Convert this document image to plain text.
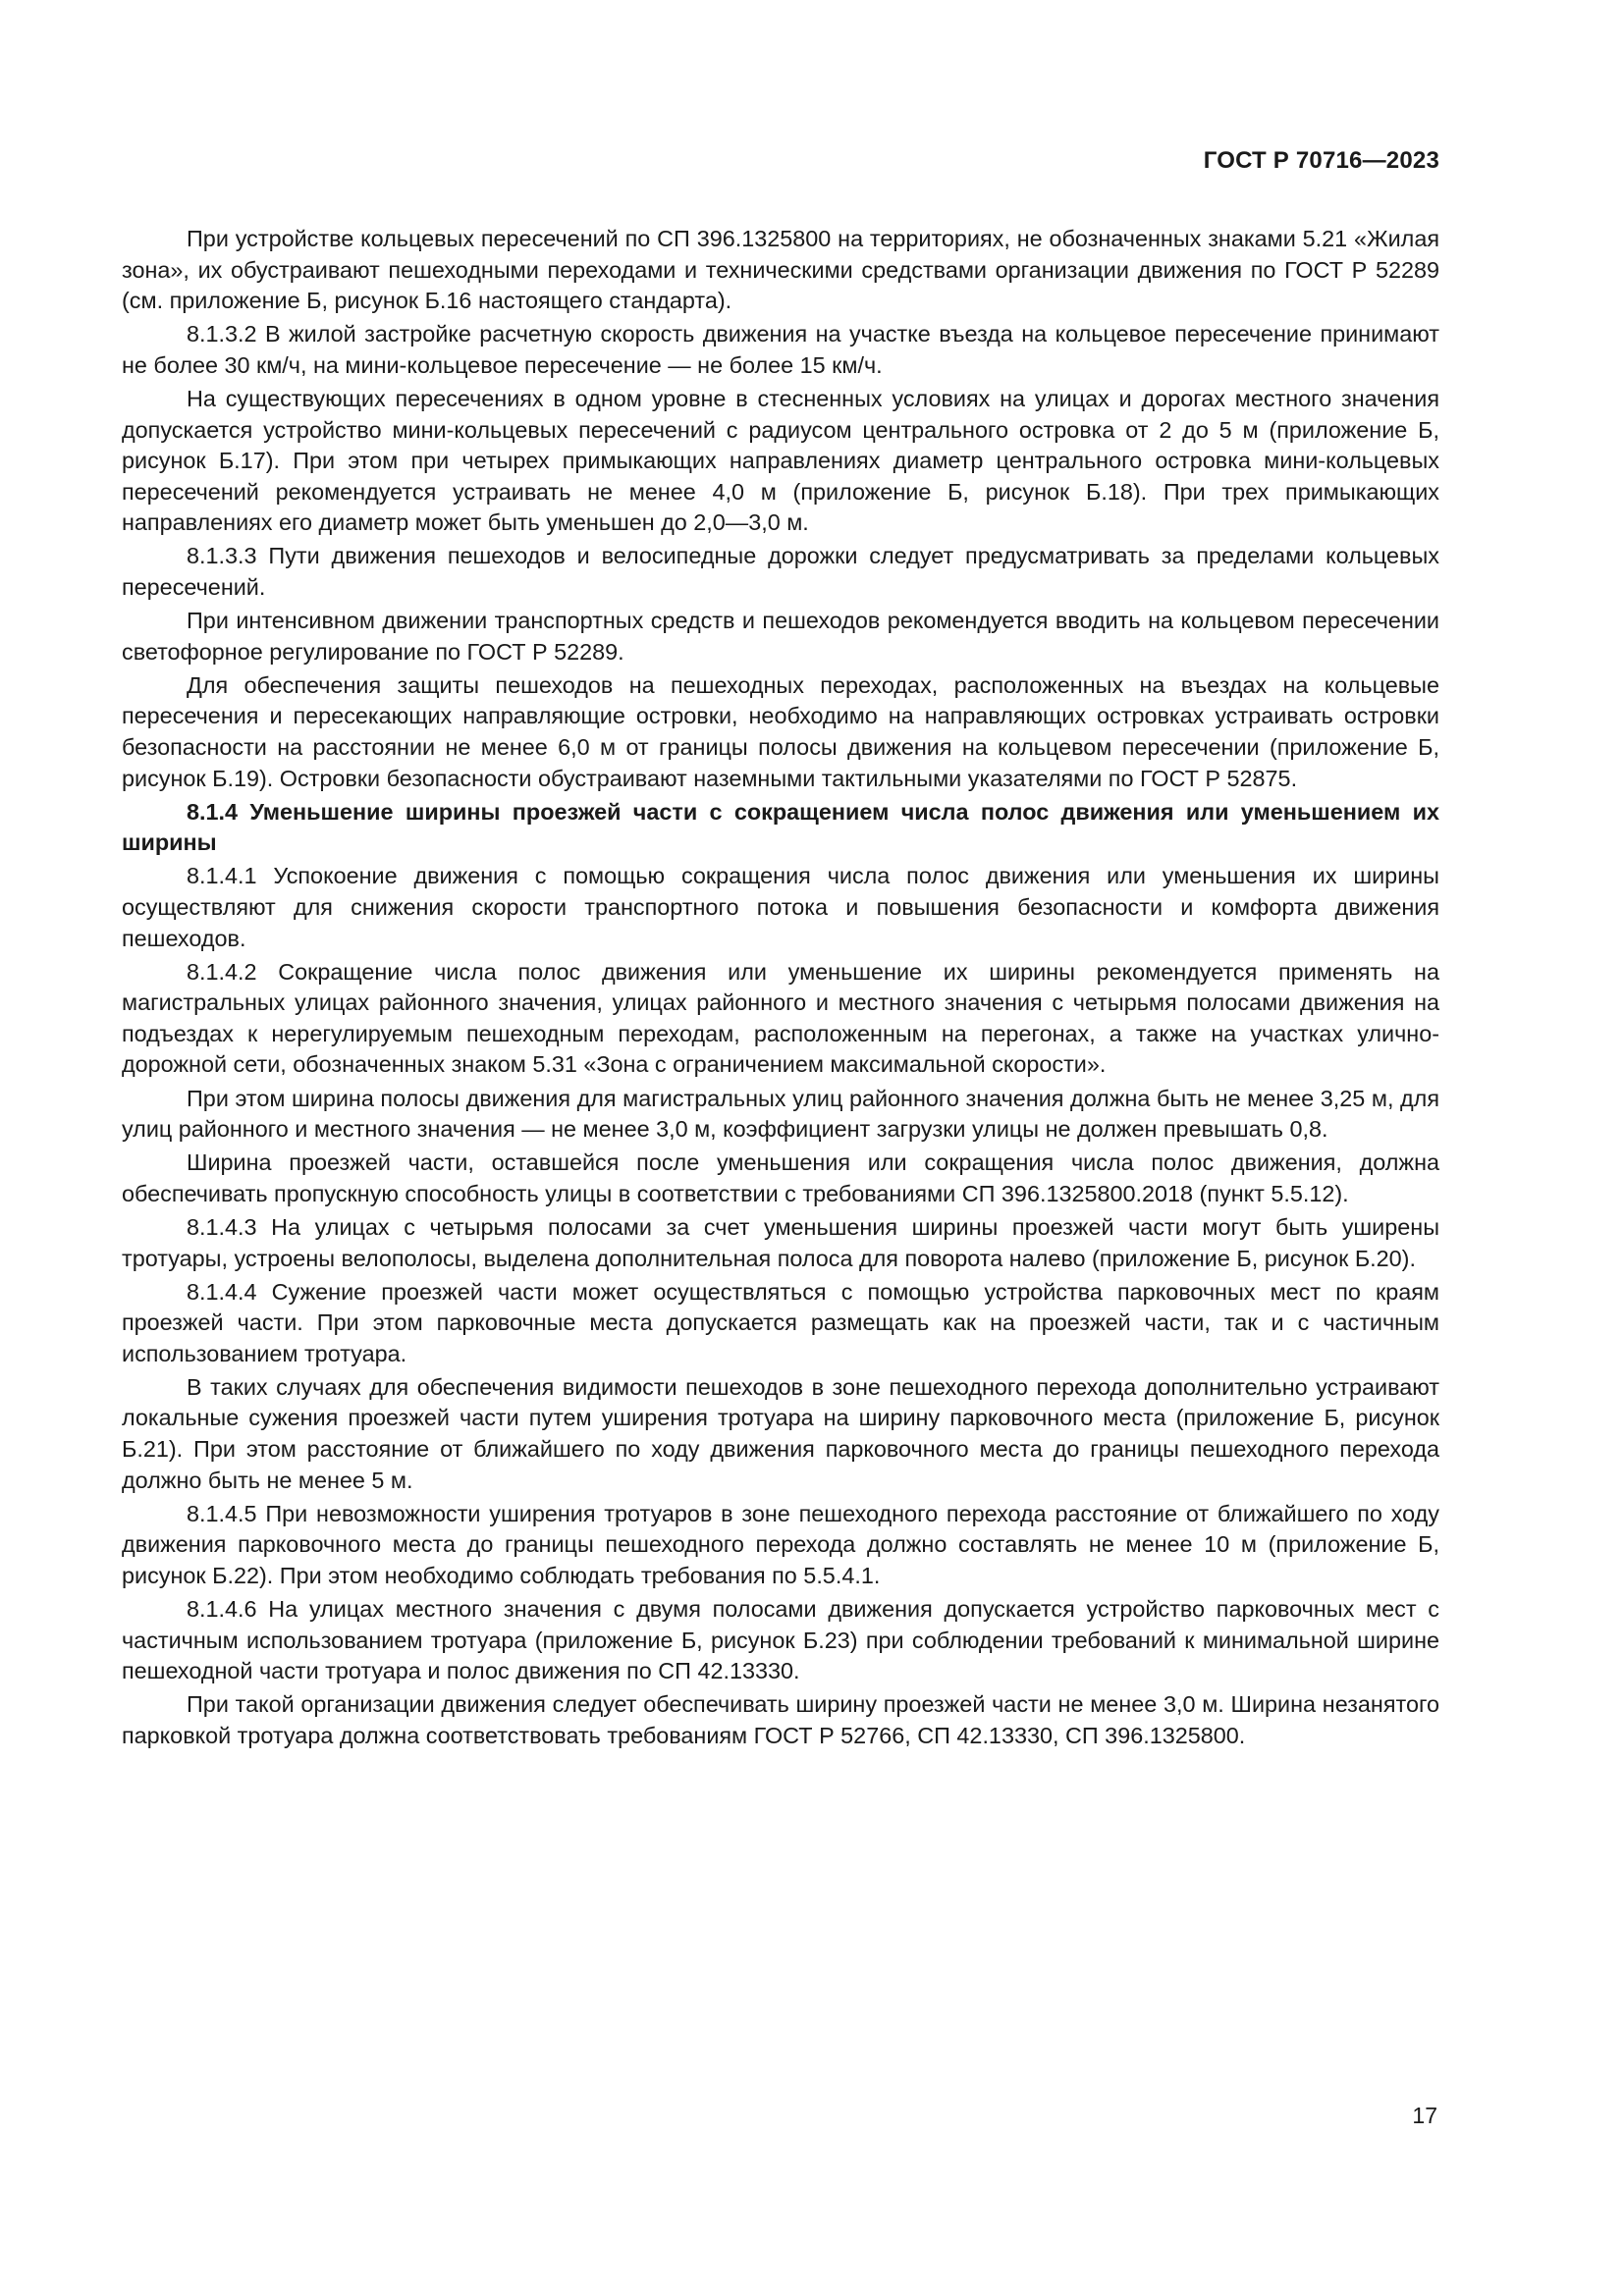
ГОСТ Р 70716—2023

При устройстве кольцевых пересечений по СП 396.1325800 на территориях, не обозначенных знаками 5.21 «Жилая зона», их обустраивают пешеходными переходами и техническими средствами организации движения по ГОСТ Р 52289 (см. приложение Б, рисунок Б.16 настоящего стандарта).

8.1.3.2 В жилой застройке расчетную скорость движения на участке въезда на кольцевое пересечение принимают не более 30 км/ч, на мини-кольцевое пересечение — не более 15 км/ч.

На существующих пересечениях в одном уровне в стесненных условиях на улицах и дорогах местного значения допускается устройство мини-кольцевых пересечений с радиусом центрального островка от 2 до 5 м (приложение Б, рисунок Б.17). При этом при четырех примыкающих направлениях диаметр центрального островка мини-кольцевых пересечений рекомендуется устраивать не менее 4,0 м (приложение Б, рисунок Б.18). При трех примыкающих направлениях его диаметр может быть уменьшен до 2,0—3,0 м.

8.1.3.3 Пути движения пешеходов и велосипедные дорожки следует предусматривать за пределами кольцевых пересечений.

При интенсивном движении транспортных средств и пешеходов рекомендуется вводить на кольцевом пересечении светофорное регулирование по ГОСТ Р 52289.

Для обеспечения защиты пешеходов на пешеходных переходах, расположенных на въездах на кольцевые пересечения и пересекающих направляющие островки, необходимо на направляющих островках устраивать островки безопасности на расстоянии не менее 6,0 м от границы полосы движения на кольцевом пересечении (приложение Б, рисунок Б.19). Островки безопасности обустраивают наземными тактильными указателями по ГОСТ Р 52875.

8.1.4 Уменьшение ширины проезжей части с сокращением числа полос движения или уменьшением их ширины

8.1.4.1 Успокоение движения с помощью сокращения числа полос движения или уменьшения их ширины осуществляют для снижения скорости транспортного потока и повышения безопасности и комфорта движения пешеходов.

8.1.4.2 Сокращение числа полос движения или уменьшение их ширины рекомендуется применять на магистральных улицах районного значения, улицах районного и местного значения с четырьмя полосами движения на подъездах к нерегулируемым пешеходным переходам, расположенным на перегонах, а также на участках улично-дорожной сети, обозначенных знаком 5.31 «Зона с ограничением максимальной скорости».

При этом ширина полосы движения для магистральных улиц районного значения должна быть не менее 3,25 м, для улиц районного и местного значения — не менее 3,0 м, коэффициент загрузки улицы не должен превышать 0,8.

Ширина проезжей части, оставшейся после уменьшения или сокращения числа полос движения, должна обеспечивать пропускную способность улицы в соответствии с требованиями СП 396.1325800.2018 (пункт 5.5.12).

8.1.4.3 На улицах с четырьмя полосами за счет уменьшения ширины проезжей части могут быть уширены тротуары, устроены велополосы, выделена дополнительная полоса для поворота налево (приложение Б, рисунок Б.20).

8.1.4.4 Сужение проезжей части может осуществляться с помощью устройства парковочных мест по краям проезжей части. При этом парковочные места допускается размещать как на проезжей части, так и с частичным использованием тротуара.

В таких случаях для обеспечения видимости пешеходов в зоне пешеходного перехода дополнительно устраивают локальные сужения проезжей части путем уширения тротуара на ширину парковочного места (приложение Б, рисунок Б.21). При этом расстояние от ближайшего по ходу движения парковочного места до границы пешеходного перехода должно быть не менее 5 м.

8.1.4.5 При невозможности уширения тротуаров в зоне пешеходного перехода расстояние от ближайшего по ходу движения парковочного места до границы пешеходного перехода должно составлять не менее 10 м (приложение Б, рисунок Б.22). При этом необходимо соблюдать требования по 5.5.4.1.

8.1.4.6 На улицах местного значения с двумя полосами движения допускается устройство парковочных мест с частичным использованием тротуара (приложение Б, рисунок Б.23) при соблюдении требований к минимальной ширине пешеходной части тротуара и полос движения по СП 42.13330.

При такой организации движения следует обеспечивать ширину проезжей части не менее 3,0 м. Ширина незанятого парковкой тротуара должна соответствовать требованиям ГОСТ Р 52766, СП 42.13330, СП 396.1325800.

17
